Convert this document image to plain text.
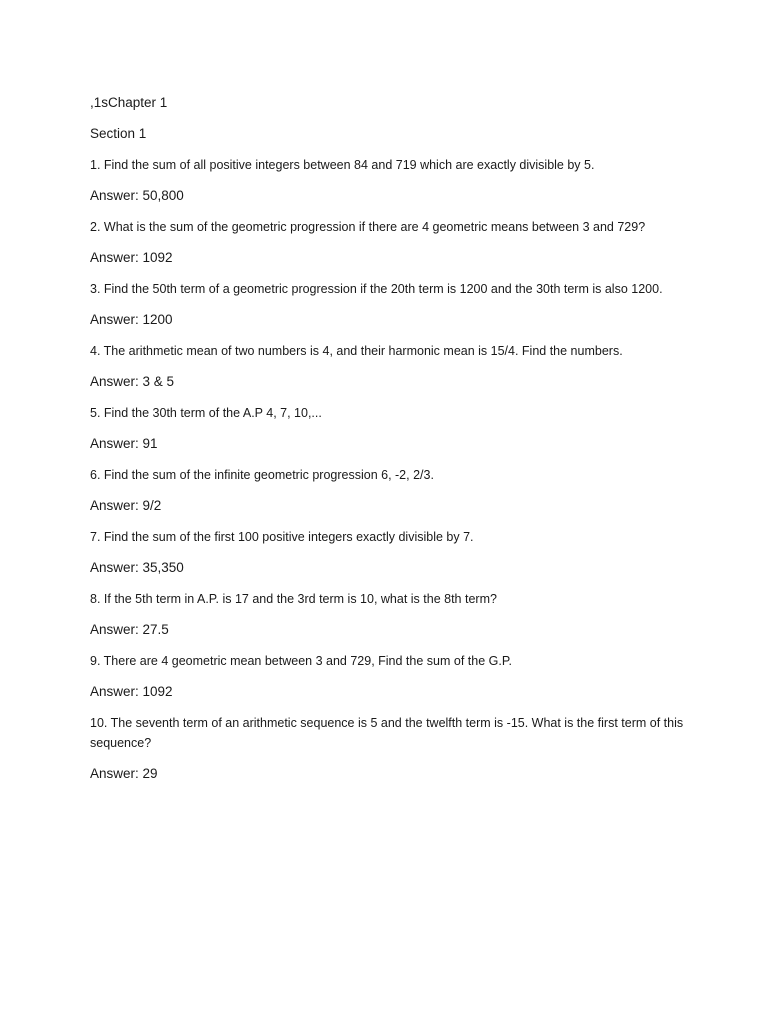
,1sChapter 1

Section 1

1. Find the sum of all positive integers between 84 and 719 which are exactly divisible by 5.

Answer: 50,800

2. What is the sum of the geometric progression if there are 4 geometric means between 3 and 729?

Answer: 1092

3. Find the 50th term of a geometric progression if the 20th term is 1200 and the 30th term is also 1200.

Answer: 1200

4. The arithmetic mean of two numbers is 4, and their harmonic mean is 15/4. Find the numbers.

Answer: 3 & 5

5. Find the 30th term of the A.P 4, 7, 10,...

Answer: 91

6. Find the sum of the infinite geometric progression 6, -2, 2/3.

Answer: 9/2

7. Find the sum of the first 100 positive integers exactly divisible by 7.

Answer: 35,350

8. If the 5th term in A.P. is 17 and the 3rd term is 10, what is the 8th term?

Answer: 27.5

9. There are 4 geometric mean between 3 and 729, Find the sum of the G.P.

Answer: 1092

10. The seventh term of an arithmetic sequence is 5 and the twelfth term is -15. What is the first term of this sequence?

Answer: 29
